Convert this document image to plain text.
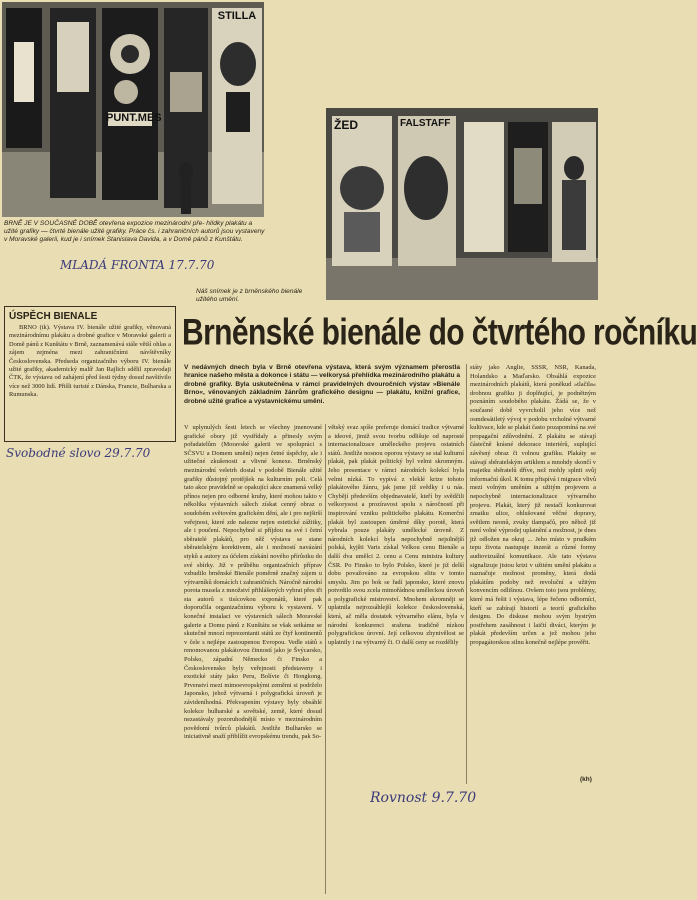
PUNT.MES
STILLA
BRNĚ JE V SOUČASNÉ DOBĚ otevřena expozice mezinárodní pře- hlídky plakátu a užité grafiky — čtvrté bienále užité grafiky. Práce čs. i zahraničních autorů jsou vystaveny v Moravské galerii, kud je i snímek Stanislava Davida, a v Domě pánů z Kunštátu.
MLADÁ FRONTA 17.7.70
ŽED	FALSTAFF
Náš snímek je z brněnského bienále užitého umění.
ÚSPĚCH BIENALE
BRNO (tk). Výstava IV. bienále užité grafiky, věnovaná mezinárodnímu plakátu a drobné grafice v Moravské galerii a Domě pánů z Kunštátu v Brně, zaznamenává stále větší ohlas a zájem zejména mezi zahraničními návštěvníky Československa. Předseda organizačního výboru IV. bienále užité grafiky, akademický malíř Jan Rajlich sdělil zpravodaji ČTK, že výstavu od zahájení před šesti týdny dosud navštívilo více než 3000 lidí. Přišli turisté z Dánska, Francie, Bulharska a Rumunska.
Svobodné slovo 29.7.70
Brněnské bienále do čtvrtého ročníku
V nedávných dnech byla v Brně otevřena výstava, která svým významem přerostla hranice našeho města a dokonce i státu — velkorysá přehlídka mezinárodního plakátu a drobné grafiky. Byla uskutečněna v rámci pravidelných dvouročních výstav »Bienále Brno«, věnovaných základním žánrům grafického designu — plakátu, knižní grafice, drobné užité grafice a výstavnickému umění.
V uplynulých šesti letech se všechny jmenované grafické obory již vystřídaly a přinesly svým pořadatelům (Moravské galerii ve spolupráci s SČSVU a Domem umění) nejen četné úspěchy, ale i užitečné zkušenosti a vlivné konexe. Brněnský mezinárodní veletrh dostal v podobě Bienále užité grafiky důstojný protějšek na kulturním poli. Celá tato akce pravidelně se opakující akce znamená velký přínos nejen pro odborné kruhy, které mohou takto v několika výstavních sálech získat cenný obraz o soudobém světovém grafickém dění, ale i pro nejširší veřejnost, které zde nalezne nejen estetické zážitky, ale i poučení. Nepochybně si příjdou na své i četní sběratelé plakátů, pro něž výstava se stane sběratelským korektivem, ale i možností navázání styků a autory za účelem získání nového přírůstku do své sbírky. Již v průběhu organizačních příprav vzbudilo brněnské Bienále poměrně značný zájem u výtvarníků domácích i zahraničních. Náročně národní porota musela z množství přihlášených vybrat přes tři sta autorů s tisícovkou exponátů, které pak doporučila organizačnímu výboru k vystavení. V konečné instalaci ve výstavních sálech Moravské galerie a Domu pánů z Kunštátu se však setkáme se skutečně mnozí reprezentanti států ze čtyř kontinentů v čele s nejlépe zastoupenou Evropou. Vedle států s renomovanou plakátovou činností jako je Švýcarsko, Polsko, západní Německo či Finsko a Československo byly veřejnosti představeny i exotické státy jako Peru, Bolívie či Hongkong. Prvenství mezi mimoevropskými zeměmi si podrželo Japonsko, jehož výtvarná i polygrafická úroveň je závideníhodná. Překvapením výstavy byly obsáhlé kolekce bulharské a sovětské, země, které dosud nezastávaly pozoruhodnější místo v mezinárodním povědomí tvůrců plakátů. Jestliže Bulharsko se iniciativně snaží přiblížit evropskému trendu, pak So-
větský svaz spíše preferuje domácí tradice výtvarné a ideové, jimiž svou tvorbu odlišuje od naprosté internacionalizace uměleckého projevu ostatních států. Jestliže nosnou oporou výstavy se stal kulturní plakát, pak plakát politický byl velmi skromným. Jeho presentace v rámci národních kolekcí byla velmi nízká. To vypívá z vleklé krize tohoto plakátového žánru, jak jsme již svědky i u nás. Chybějí především objednavatelé, kteří by svědčili velkorysost a prozíravost spolu s náročností při inspirování vzniku politického plakátu. Komerční plakát byl zastoupen úměrné díky porotě, která vybrala pouze plakáty umělecké úrovně. Z národních kolekcí byla nepochybně nejsilnější polská, kyjšti Varis získal Velkou cenu Bienále a další dva umělci 2. cenu a Cenu ministra kultury ČSR. Po Finsko to bylo Polsko, které je již delší dobu považováno za evropskou elitu v tomto smyslu. Jim po bok se řadí japonsko, které znovu potvrdilo svou zcela mimořádnou uměleckou úroveň a polygrafické mistrovství. Mnohem skromněji se uplatnila nejrozsáhlejší kolekce československá, která, ač měla dostatek výtvarného elánu, byla v národní konkurenci sražena tradičně nízkou polygrafickou úrovní. Její celkovou zhynivělost se uplatnily i na výtvarný či. O další ceny se rozdělily
státy jako Anglie, SSSR, NSR, Kanada, Holandsko a Maďarsko. Obsáhlá expozice mezinárodních plakátů, která poněkud »tlačila« drobnou grafiku ji doplňující, je podnětným poznáním soudobého plakátu. Žádá se, že v současné době vyvrcholil jeho více než osmdesátiletý vývoj v podobu vrcholné výtvarné kultivace, kde se plakát často pozapomíná na své propagační zdůvodnění. Z plakátu se stávají částečně krásné dekorace interiérů, suplující závěsný obraz či volnou grafiku. Plakáty se stávají sběratelským artiklem a mnohdy skončí v majetku sběratelů dříve, než mohly splnit svůj informační úkol. K tomu přispívá i migrace vlivů mezi volným uměním a užitým projevem a nepochybně internacionalizace výtvarného projevu. Plakát, který již nestačí konkurovat zmatku ulice, ohlušované věčné dopravy, světlem neonů, zvuky tlampačů, pro něhož již není volné výprodej uplatnění a možnost, je dnes již odložen na okraj ... Jeho místo v prudkém tepu života nastupuje inzerát a různé formy audiovizuální komunikace. Ale tato výstava signalizuje jistou krizi v užitém umění plakátu a naznačuje možnost proměny, která dodá plakátům podoby než revoluční a užitým konvencím odlišnou. Ovšem toto jsou problémy, které má řešit i výstava, lépe řečeno odborníci, kteří se zabírají historií a teorií grafického designu. Do diskuse mohou svým bystrým postřehem zasáhnout i laičtí diváci, kterým je plakát především určen a jež mohou jeho propagátorskou silnu konečně nejlépe prověřit.
(kh)
Rovnost 9.7.70
